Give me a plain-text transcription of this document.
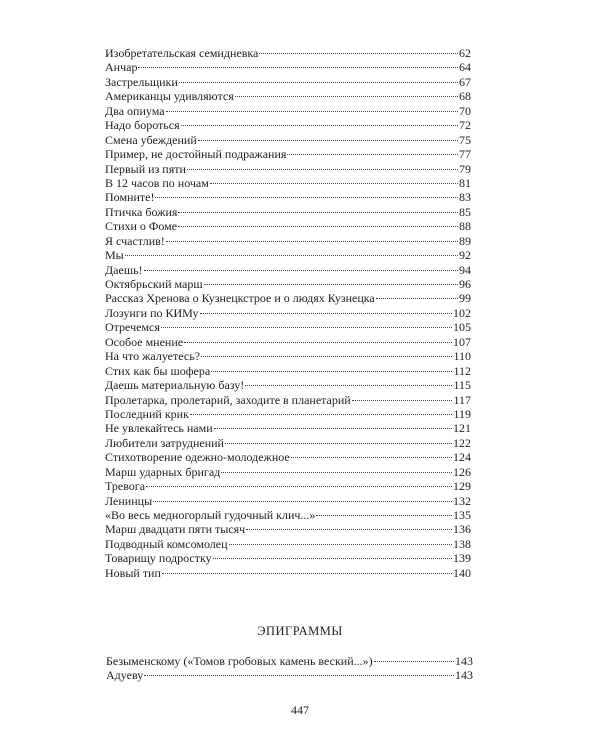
Изобретательская семидневка	62
Анчар	64
Застрельщики	67
Американцы удивляются	68
Два опиума	70
Надо бороться	72
Смена убеждений	75
Пример, не достойный подражания	77
Первый из пяти	79
В 12 часов по ночам	81
Помните!	83
Птичка божия	85
Стихи о Фоме	88
Я счастлив!	89
Мы	92
Даешь!	94
Октябрьский марш	96
Рассказ Хренова о Кузнецкстрое и о людях Кузнецка	99
Лозунги по КИМу	102
Отречемся	105
Особое мнение	107
На что жалуетесь?	110
Стих как бы шофера	112
Даешь материальную базу!	115
Пролетарка, пролетарий, заходите в планетарий	117
Последний крик	119
Не увлекайтесь нами	121
Любители затруднений	122
Стихотворение одежно-молодежное	124
Марш ударных бригад	126
Тревога	129
Ленинцы	132
«Во весь медногорлый гудочный клич...»	135
Марш двадцати пяти тысяч	136
Подводный комсомолец	138
Товарищу подростку	139
Новый тип	140
ЭПИГРАММЫ
Безыменскому («Томов гробовых камень веский...»)	143
Адуеву	143
447
